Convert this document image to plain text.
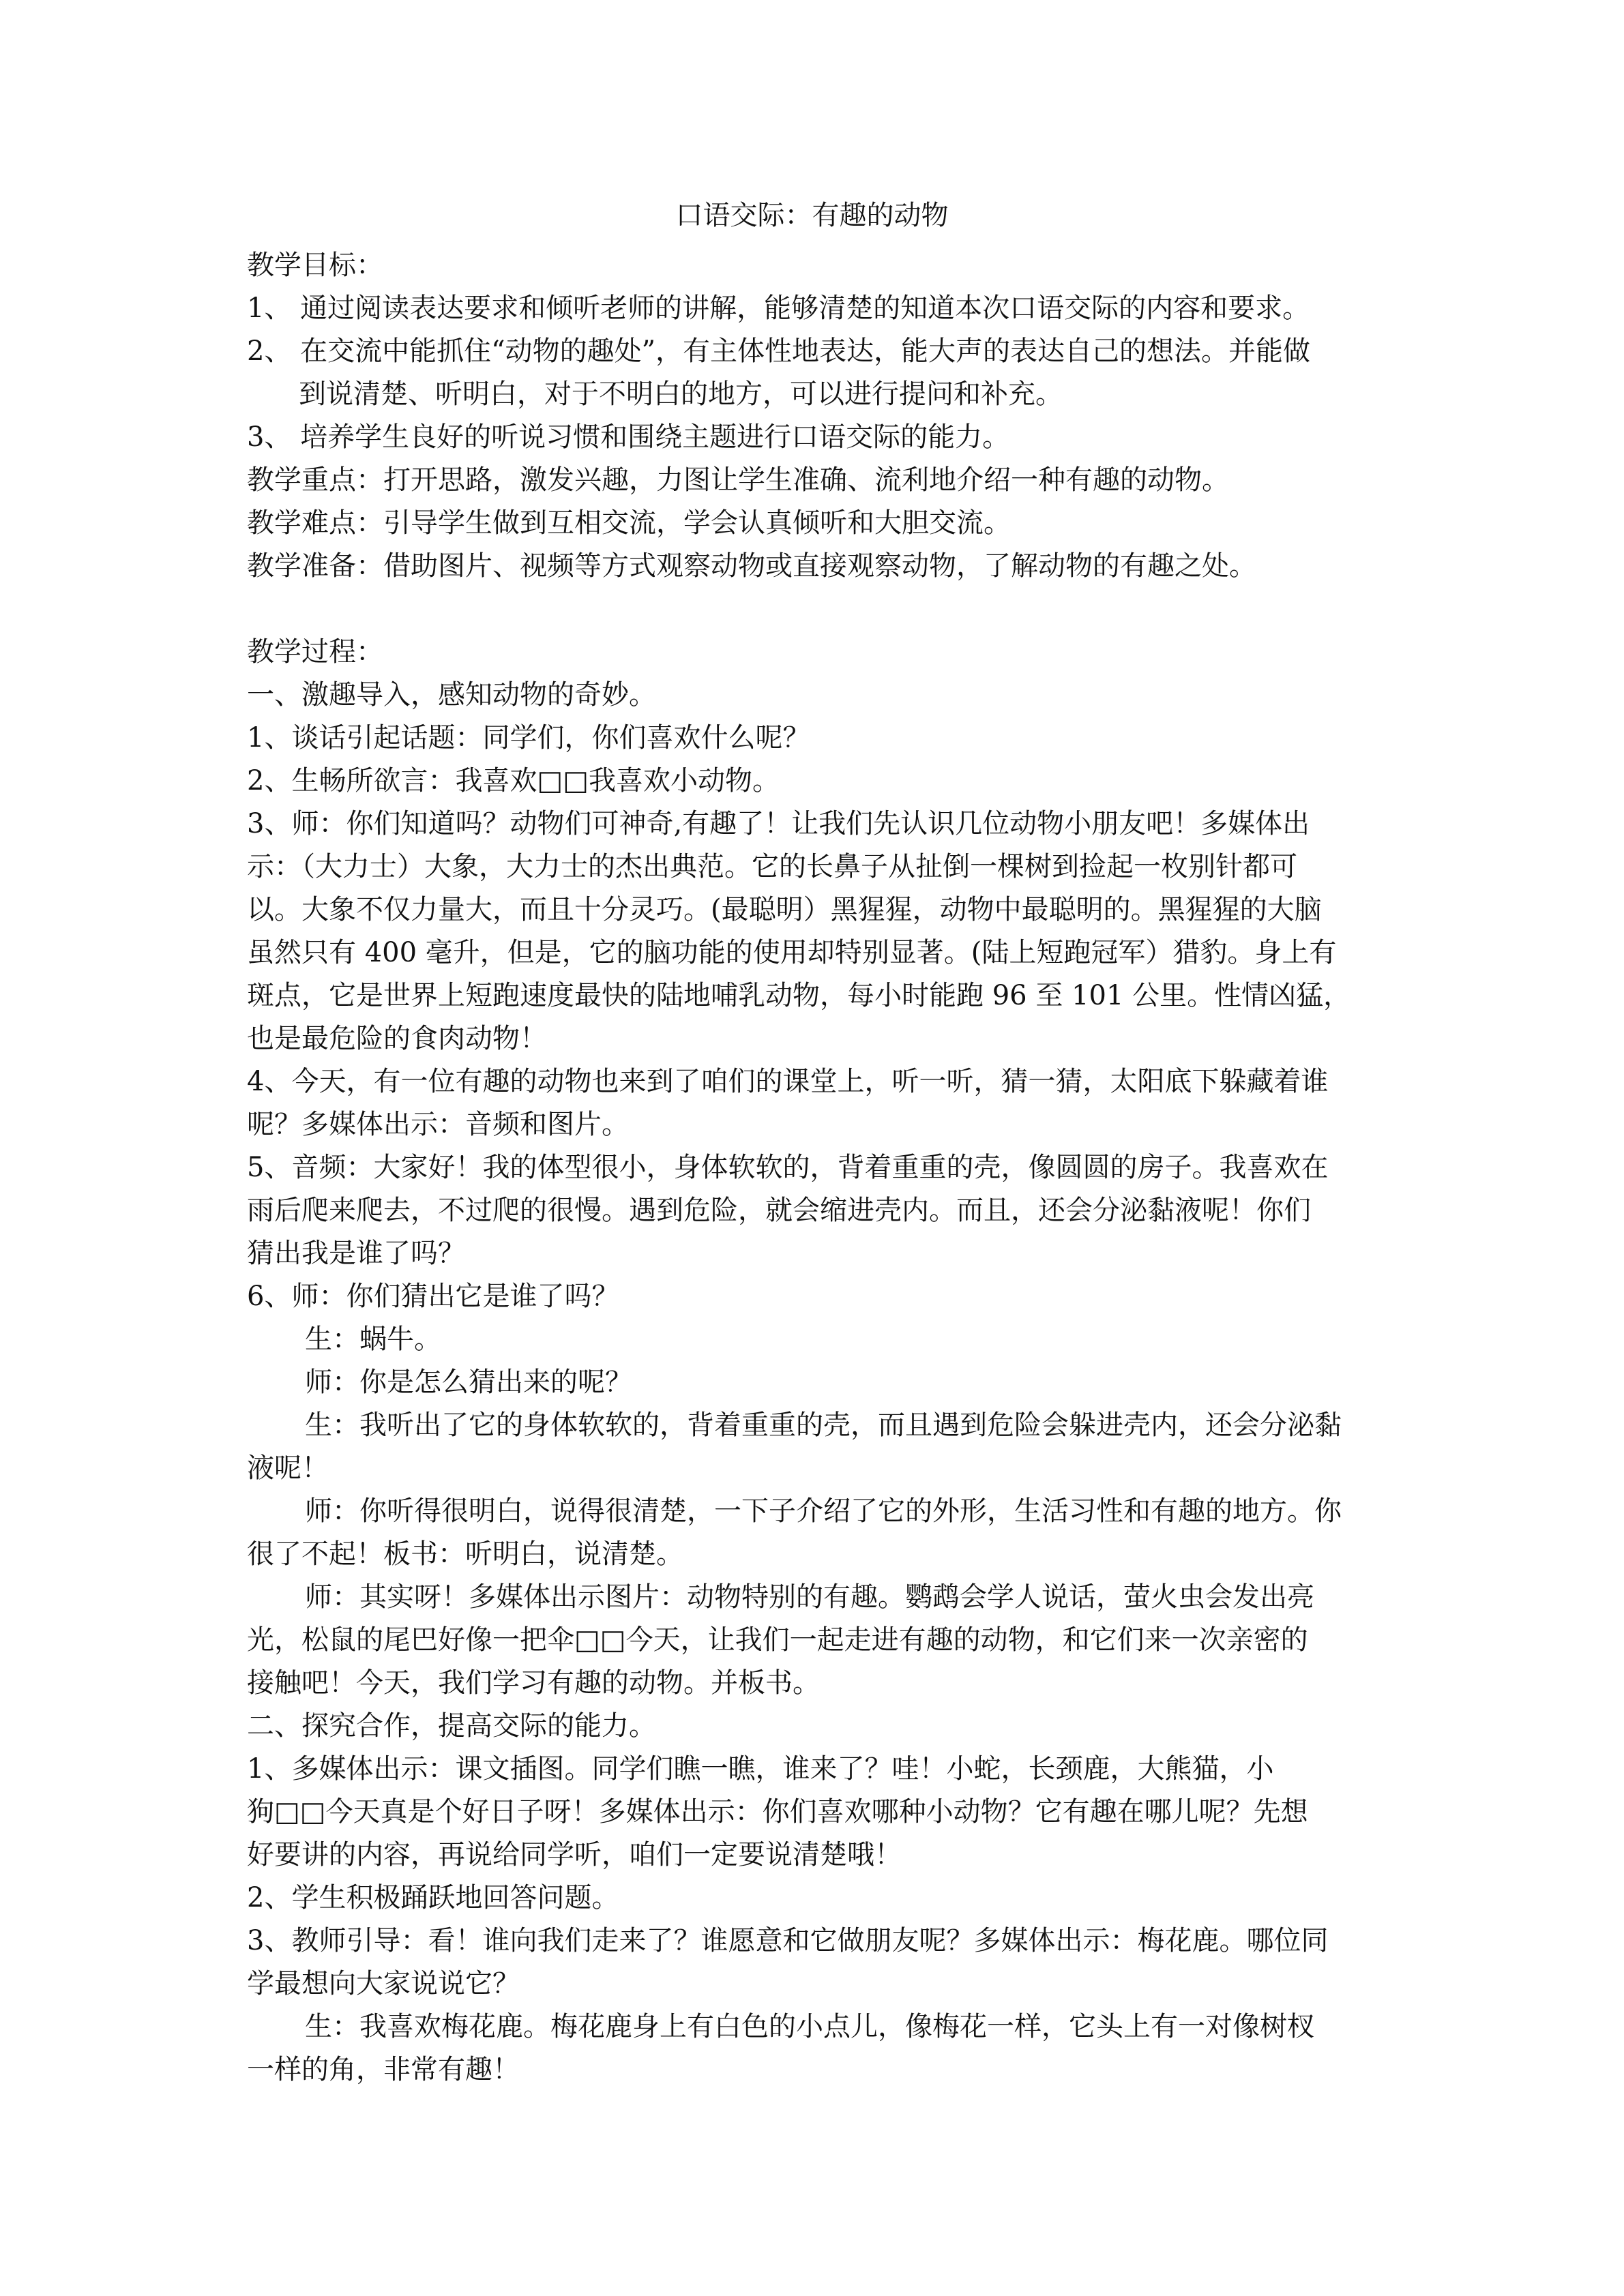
口语交际：有趣的动物
教学目标：
1、 通过阅读表达要求和倾听老师的讲解，能够清楚的知道本次口语交际的内容和要求。
2、 在交流中能抓住“动物的趣处”，有主体性地表达，能大声的表达自己的想法。并能做
到说清楚、听明白，对于不明白的地方，可以进行提问和补充。
3、 培养学生良好的听说习惯和围绕主题进行口语交际的能力。
教学重点：打开思路，激发兴趣，力图让学生准确、流利地介绍一种有趣的动物。
教学难点：引导学生做到互相交流，学会认真倾听和大胆交流。
教学准备：借助图片、视频等方式观察动物或直接观察动物，了解动物的有趣之处。
教学过程：
一、激趣导入，感知动物的奇妙。
1、谈话引起话题：同学们，你们喜欢什么呢？
2、生畅所欲言：我喜欢□□我喜欢小动物。
3、师：你们知道吗？动物们可神奇,有趣了！让我们先认识几位动物小朋友吧！多媒体出
示：（大力士）大象，大力士的杰出典范。它的长鼻子从扯倒一棵树到捡起一枚别针都可
以。大象不仅力量大，而且十分灵巧。(最聪明）黑猩猩，动物中最聪明的。黑猩猩的大脑
虽然只有 400 毫升，但是，它的脑功能的使用却特别显著。(陆上短跑冠军）猎豹。身上有
斑点，它是世界上短跑速度最快的陆地哺乳动物，每小时能跑 96 至 101 公里。性情凶猛，
也是最危险的食肉动物！
4、今天，有一位有趣的动物也来到了咱们的课堂上，听一听，猜一猜，太阳底下躲藏着谁
呢？多媒体出示：音频和图片。
5、音频：大家好！我的体型很小，身体软软的，背着重重的壳，像圆圆的房子。我喜欢在
雨后爬来爬去，不过爬的很慢。遇到危险，就会缩进壳内。而且，还会分泌黏液呢！你们
猜出我是谁了吗？
6、师：你们猜出它是谁了吗？
生：蜗牛。
师：你是怎么猜出来的呢？
生：我听出了它的身体软软的，背着重重的壳，而且遇到危险会躲进壳内，还会分泌黏
液呢！
师：你听得很明白，说得很清楚，一下子介绍了它的外形，生活习性和有趣的地方。你
很了不起！板书：听明白，说清楚。
师：其实呀！多媒体出示图片：动物特别的有趣。鹦鹉会学人说话，萤火虫会发出亮
光，松鼠的尾巴好像一把伞□□今天，让我们一起走进有趣的动物，和它们来一次亲密的
接触吧！今天，我们学习有趣的动物。并板书。
二、探究合作，提高交际的能力。
1、多媒体出示：课文插图。同学们瞧一瞧，谁来了？哇！小蛇，长颈鹿，大熊猫，小
狗□□今天真是个好日子呀！多媒体出示：你们喜欢哪种小动物？它有趣在哪儿呢？先想
好要讲的内容，再说给同学听，咱们一定要说清楚哦！
2、学生积极踊跃地回答问题。
3、教师引导：看！谁向我们走来了？谁愿意和它做朋友呢？多媒体出示：梅花鹿。哪位同
学最想向大家说说它？
生：我喜欢梅花鹿。梅花鹿身上有白色的小点儿，像梅花一样，它头上有一对像树杈
一样的角，非常有趣！
